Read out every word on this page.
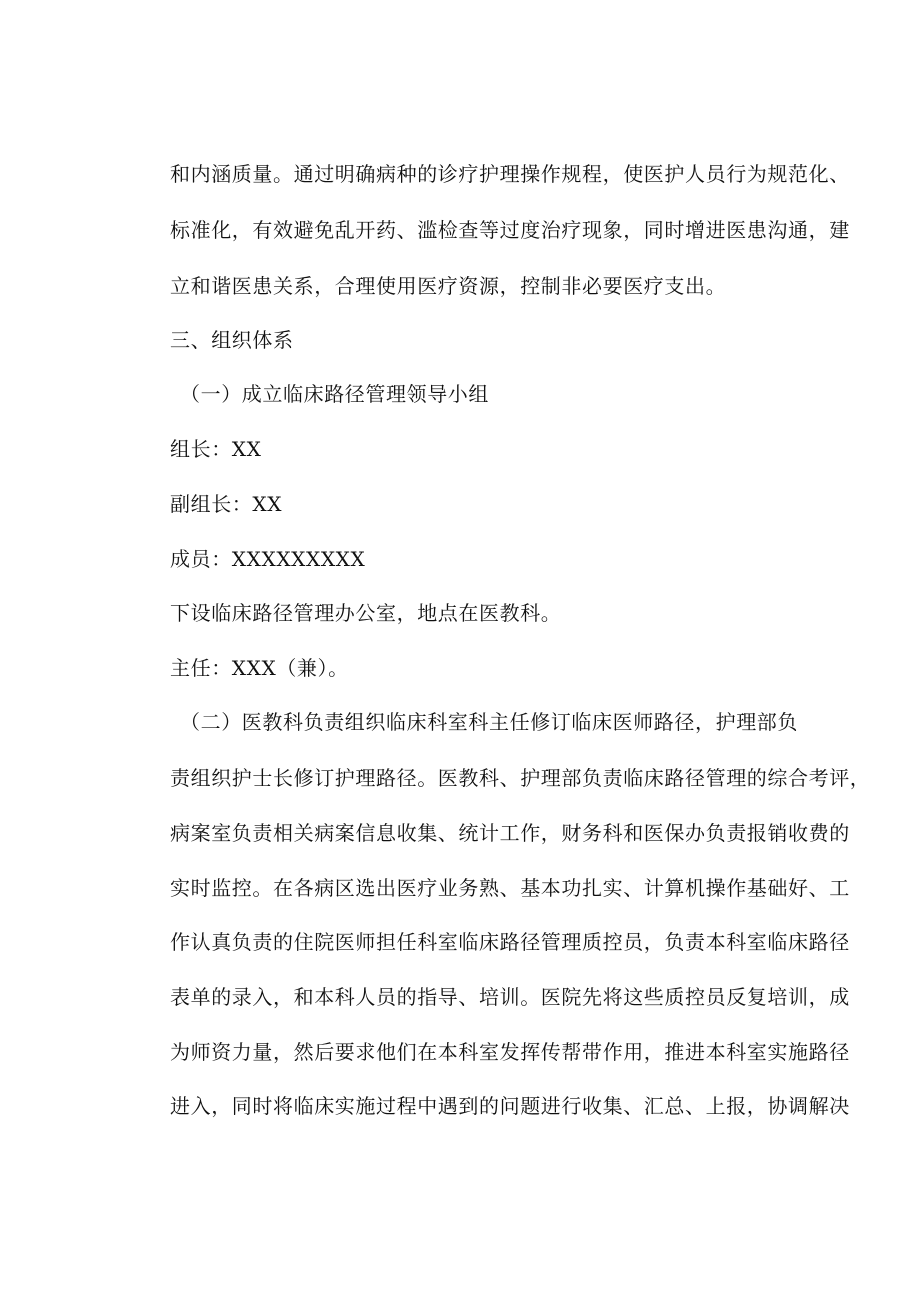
和内涵质量。通过明确病种的诊疗护理操作规程，使医护人员行为规范化、
标准化，有效避免乱开药、滥检查等过度治疗现象，同时增进医患沟通，建
立和谐医患关系，合理使用医疗资源，控制非必要医疗支出。
三、组织体系
（一）成立临床路径管理领导小组
组长：XX
副组长：XX
成员：XXXXXXXXX
下设临床路径管理办公室，地点在医教科。
主任：XXX（兼）。
（二）医教科负责组织临床科室科主任修订临床医师路径，护理部负
责组织护士长修订护理路径。医教科、护理部负责临床路径管理的综合考评，
病案室负责相关病案信息收集、统计工作，财务科和医保办负责报销收费的
实时监控。在各病区选出医疗业务熟、基本功扎实、计算机操作基础好、工
作认真负责的住院医师担任科室临床路径管理质控员，负责本科室临床路径
表单的录入，和本科人员的指导、培训。医院先将这些质控员反复培训，成
为师资力量，然后要求他们在本科室发挥传帮带作用，推进本科室实施路径
进入，同时将临床实施过程中遇到的问题进行收集、汇总、上报，协调解决
